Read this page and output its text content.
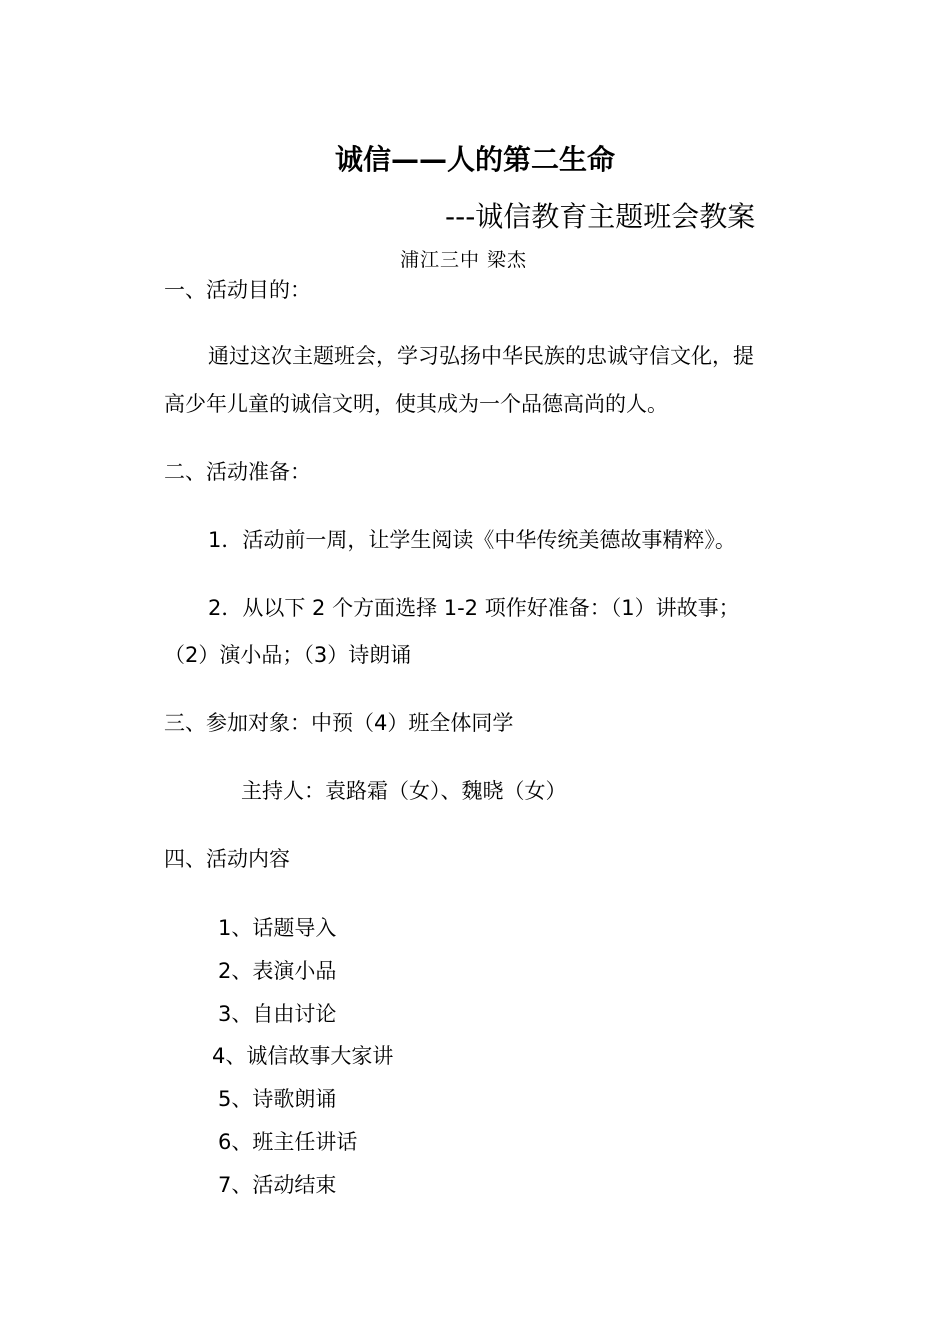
诚信——人的第二生命
---诚信教育主题班会教案
浦江三中 梁杰
一、活动目的：
通过这次主题班会，学习弘扬中华民族的忠诚守信文化，提
高少年儿童的诚信文明，使其成为一个品德高尚的人。
二、活动准备：
1．活动前一周，让学生阅读《中华传统美德故事精粹》。
2．从以下 2 个方面选择 1-2 项作好准备：（1）讲故事；
（2）演小品；（3）诗朗诵
三、参加对象：中预（4）班全体同学
主持人：袁路霜（女）、魏晓（女）
四、活动内容
1、话题导入
2、表演小品
3、自由讨论
4、诚信故事大家讲
5、诗歌朗诵
6、班主任讲话
7、活动结束
